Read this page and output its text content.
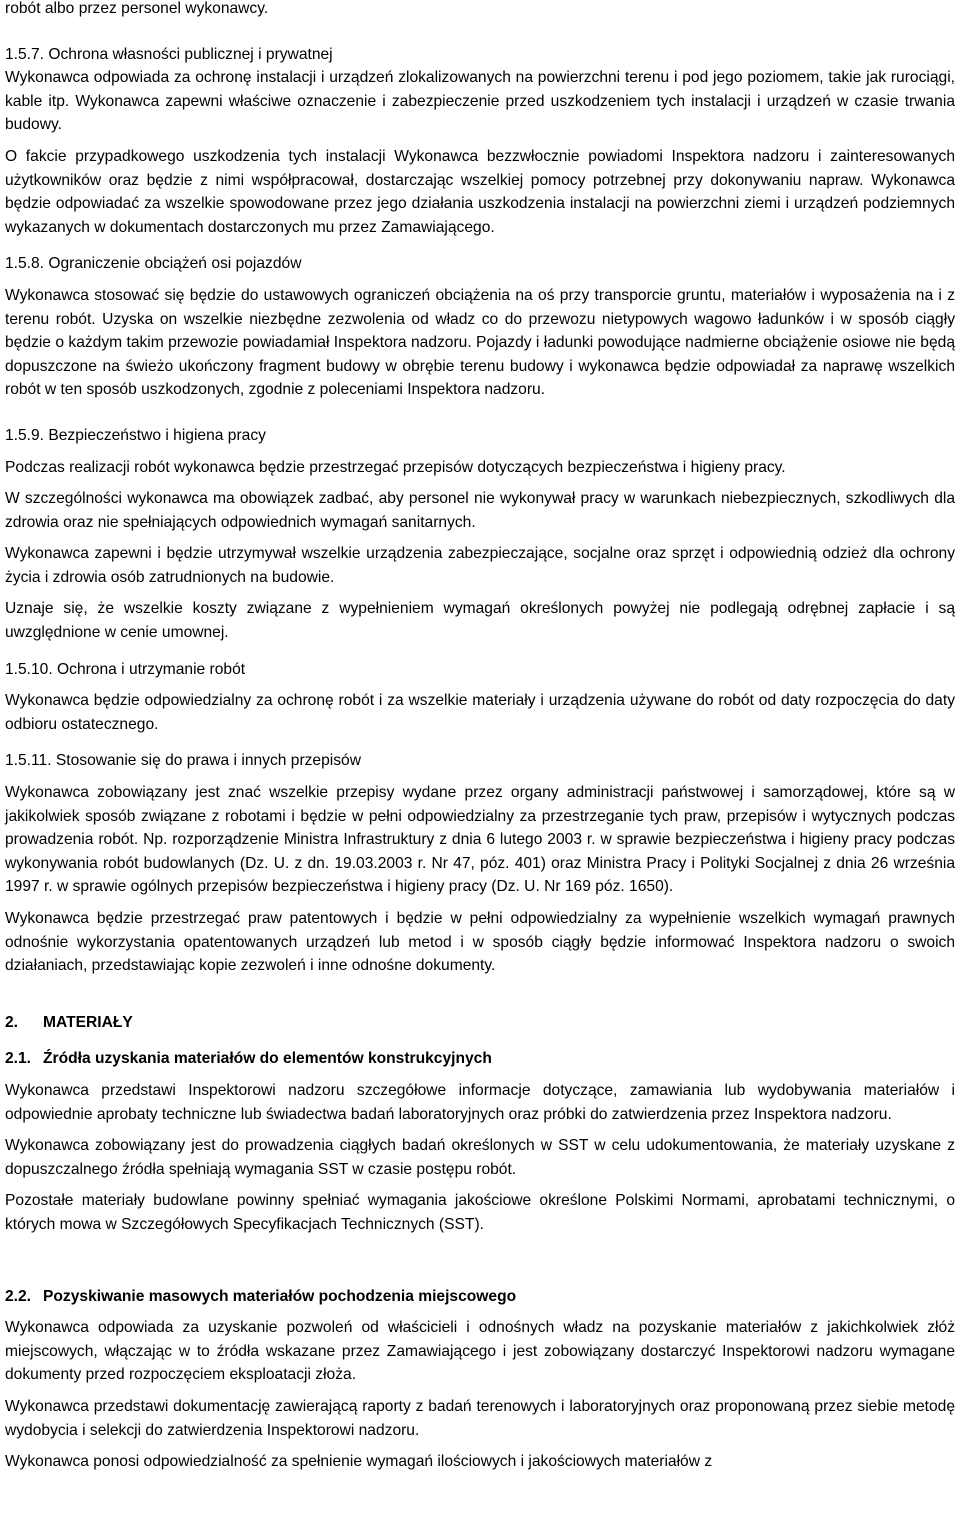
robót albo przez personel wykonawcy.

1.5.7. Ochrona własności publicznej i prywatnej

Wykonawca odpowiada za ochronę instalacji i urządzeń zlokalizowanych na powierzchni terenu i pod jego poziomem, takie jak rurociągi, kable itp. Wykonawca zapewni właściwe oznaczenie i zabezpieczenie przed uszkodzeniem tych instalacji i urządzeń w czasie trwania budowy.

O fakcie przypadkowego uszkodzenia tych instalacji Wykonawca bezzwłocznie powiadomi Inspektora nadzoru i zainteresowanych użytkowników oraz będzie z nimi współpracował, dostarczając wszelkiej pomocy potrzebnej przy dokonywaniu napraw. Wykonawca będzie odpowiadać za wszelkie spowodowane przez jego działania uszkodzenia instalacji na powierzchni ziemi i urządzeń podziemnych wykazanych w dokumentach dostarczonych mu przez Zamawiającego.

1.5.8. Ograniczenie obciążeń osi pojazdów

Wykonawca stosować się będzie do ustawowych ograniczeń obciążenia na oś przy transporcie gruntu, materiałów i wyposażenia na i z terenu robót. Uzyska on wszelkie niezbędne zezwolenia od władz co do przewozu nietypowych wagowo ładunków i w sposób ciągły będzie o każdym takim przewozie powiadamiał Inspektora nadzoru. Pojazdy i ładunki powodujące nadmierne obciążenie osiowe nie będą dopuszczone na świeżo ukończony fragment budowy w obrębie terenu budowy i wykonawca będzie odpowiadał za naprawę wszelkich robót w ten sposób uszkodzonych, zgodnie z poleceniami Inspektora nadzoru.

1.5.9. Bezpieczeństwo i higiena pracy

Podczas realizacji robót wykonawca będzie przestrzegać przepisów dotyczących bezpieczeństwa i higieny pracy.

W szczególności wykonawca ma obowiązek zadbać, aby personel nie wykonywał pracy w warunkach niebezpiecznych, szkodliwych dla zdrowia oraz nie spełniających odpowiednich wymagań sanitarnych.

Wykonawca zapewni i będzie utrzymywał wszelkie urządzenia zabezpieczające, socjalne oraz sprzęt i odpowiednią odzież dla ochrony życia i zdrowia osób zatrudnionych na budowie.

Uznaje się, że wszelkie koszty związane z wypełnieniem wymagań określonych powyżej nie podlegają odrębnej zapłacie i są uwzględnione w cenie umownej.

1.5.10. Ochrona i utrzymanie robót

Wykonawca będzie odpowiedzialny za ochronę robót i za wszelkie materiały i urządzenia używane do robót od daty rozpoczęcia do daty odbioru ostatecznego.

1.5.11. Stosowanie się do prawa i innych przepisów

Wykonawca zobowiązany jest znać wszelkie przepisy wydane przez organy administracji państwowej i samorządowej, które są w jakikolwiek sposób związane z robotami i będzie w pełni odpowiedzialny za przestrzeganie tych praw, przepisów i wytycznych podczas prowadzenia robót. Np. rozporządzenie Ministra Infrastruktury z dnia 6 lutego 2003 r. w sprawie bezpieczeństwa i higieny pracy podczas wykonywania robót budowlanych (Dz. U. z dn. 19.03.2003 r. Nr 47, póz. 401) oraz Ministra Pracy i Polityki Socjalnej z dnia 26 września 1997 r. w sprawie ogólnych przepisów bezpieczeństwa i higieny pracy (Dz. U. Nr 169 póz. 1650).

Wykonawca będzie przestrzegać praw patentowych i będzie w pełni odpowiedzialny za wypełnienie wszelkich wymagań prawnych odnośnie wykorzystania opatentowanych urządzeń lub metod i w sposób ciągły będzie informować Inspektora nadzoru o swoich działaniach, przedstawiając kopie zezwoleń i inne odnośne dokumenty.

2. MATERIAŁY

2.1. Źródła uzyskania materiałów do elementów konstrukcyjnych

Wykonawca przedstawi Inspektorowi nadzoru szczegółowe informacje dotyczące, zamawiania lub wydobywania materiałów i odpowiednie aprobaty techniczne lub świadectwa badań laboratoryjnych oraz próbki do zatwierdzenia przez Inspektora nadzoru.

Wykonawca zobowiązany jest do prowadzenia ciągłych badań określonych w SST w celu udokumentowania, że materiały uzyskane z dopuszczalnego źródła spełniają wymagania SST w czasie postępu robót.

Pozostałe materiały budowlane powinny spełniać wymagania jakościowe określone Polskimi Normami, aprobatami technicznymi, o których mowa w Szczegółowych Specyfikacjach Technicznych (SST).

2.2. Pozyskiwanie masowych materiałów pochodzenia miejscowego

Wykonawca odpowiada za uzyskanie pozwoleń od właścicieli i odnośnych władz na pozyskanie materiałów z jakichkolwiek złóż miejscowych, włączając w to źródła wskazane przez Zamawiającego i jest zobowiązany dostarczyć Inspektorowi nadzoru wymagane dokumenty przed rozpoczęciem eksploatacji złoża.

Wykonawca przedstawi dokumentację zawierającą raporty z badań terenowych i laboratoryjnych oraz proponowaną przez siebie metodę wydobycia i selekcji do zatwierdzenia Inspektorowi nadzoru.

Wykonawca ponosi odpowiedzialność za spełnienie wymagań ilościowych i jakościowych materiałów z
